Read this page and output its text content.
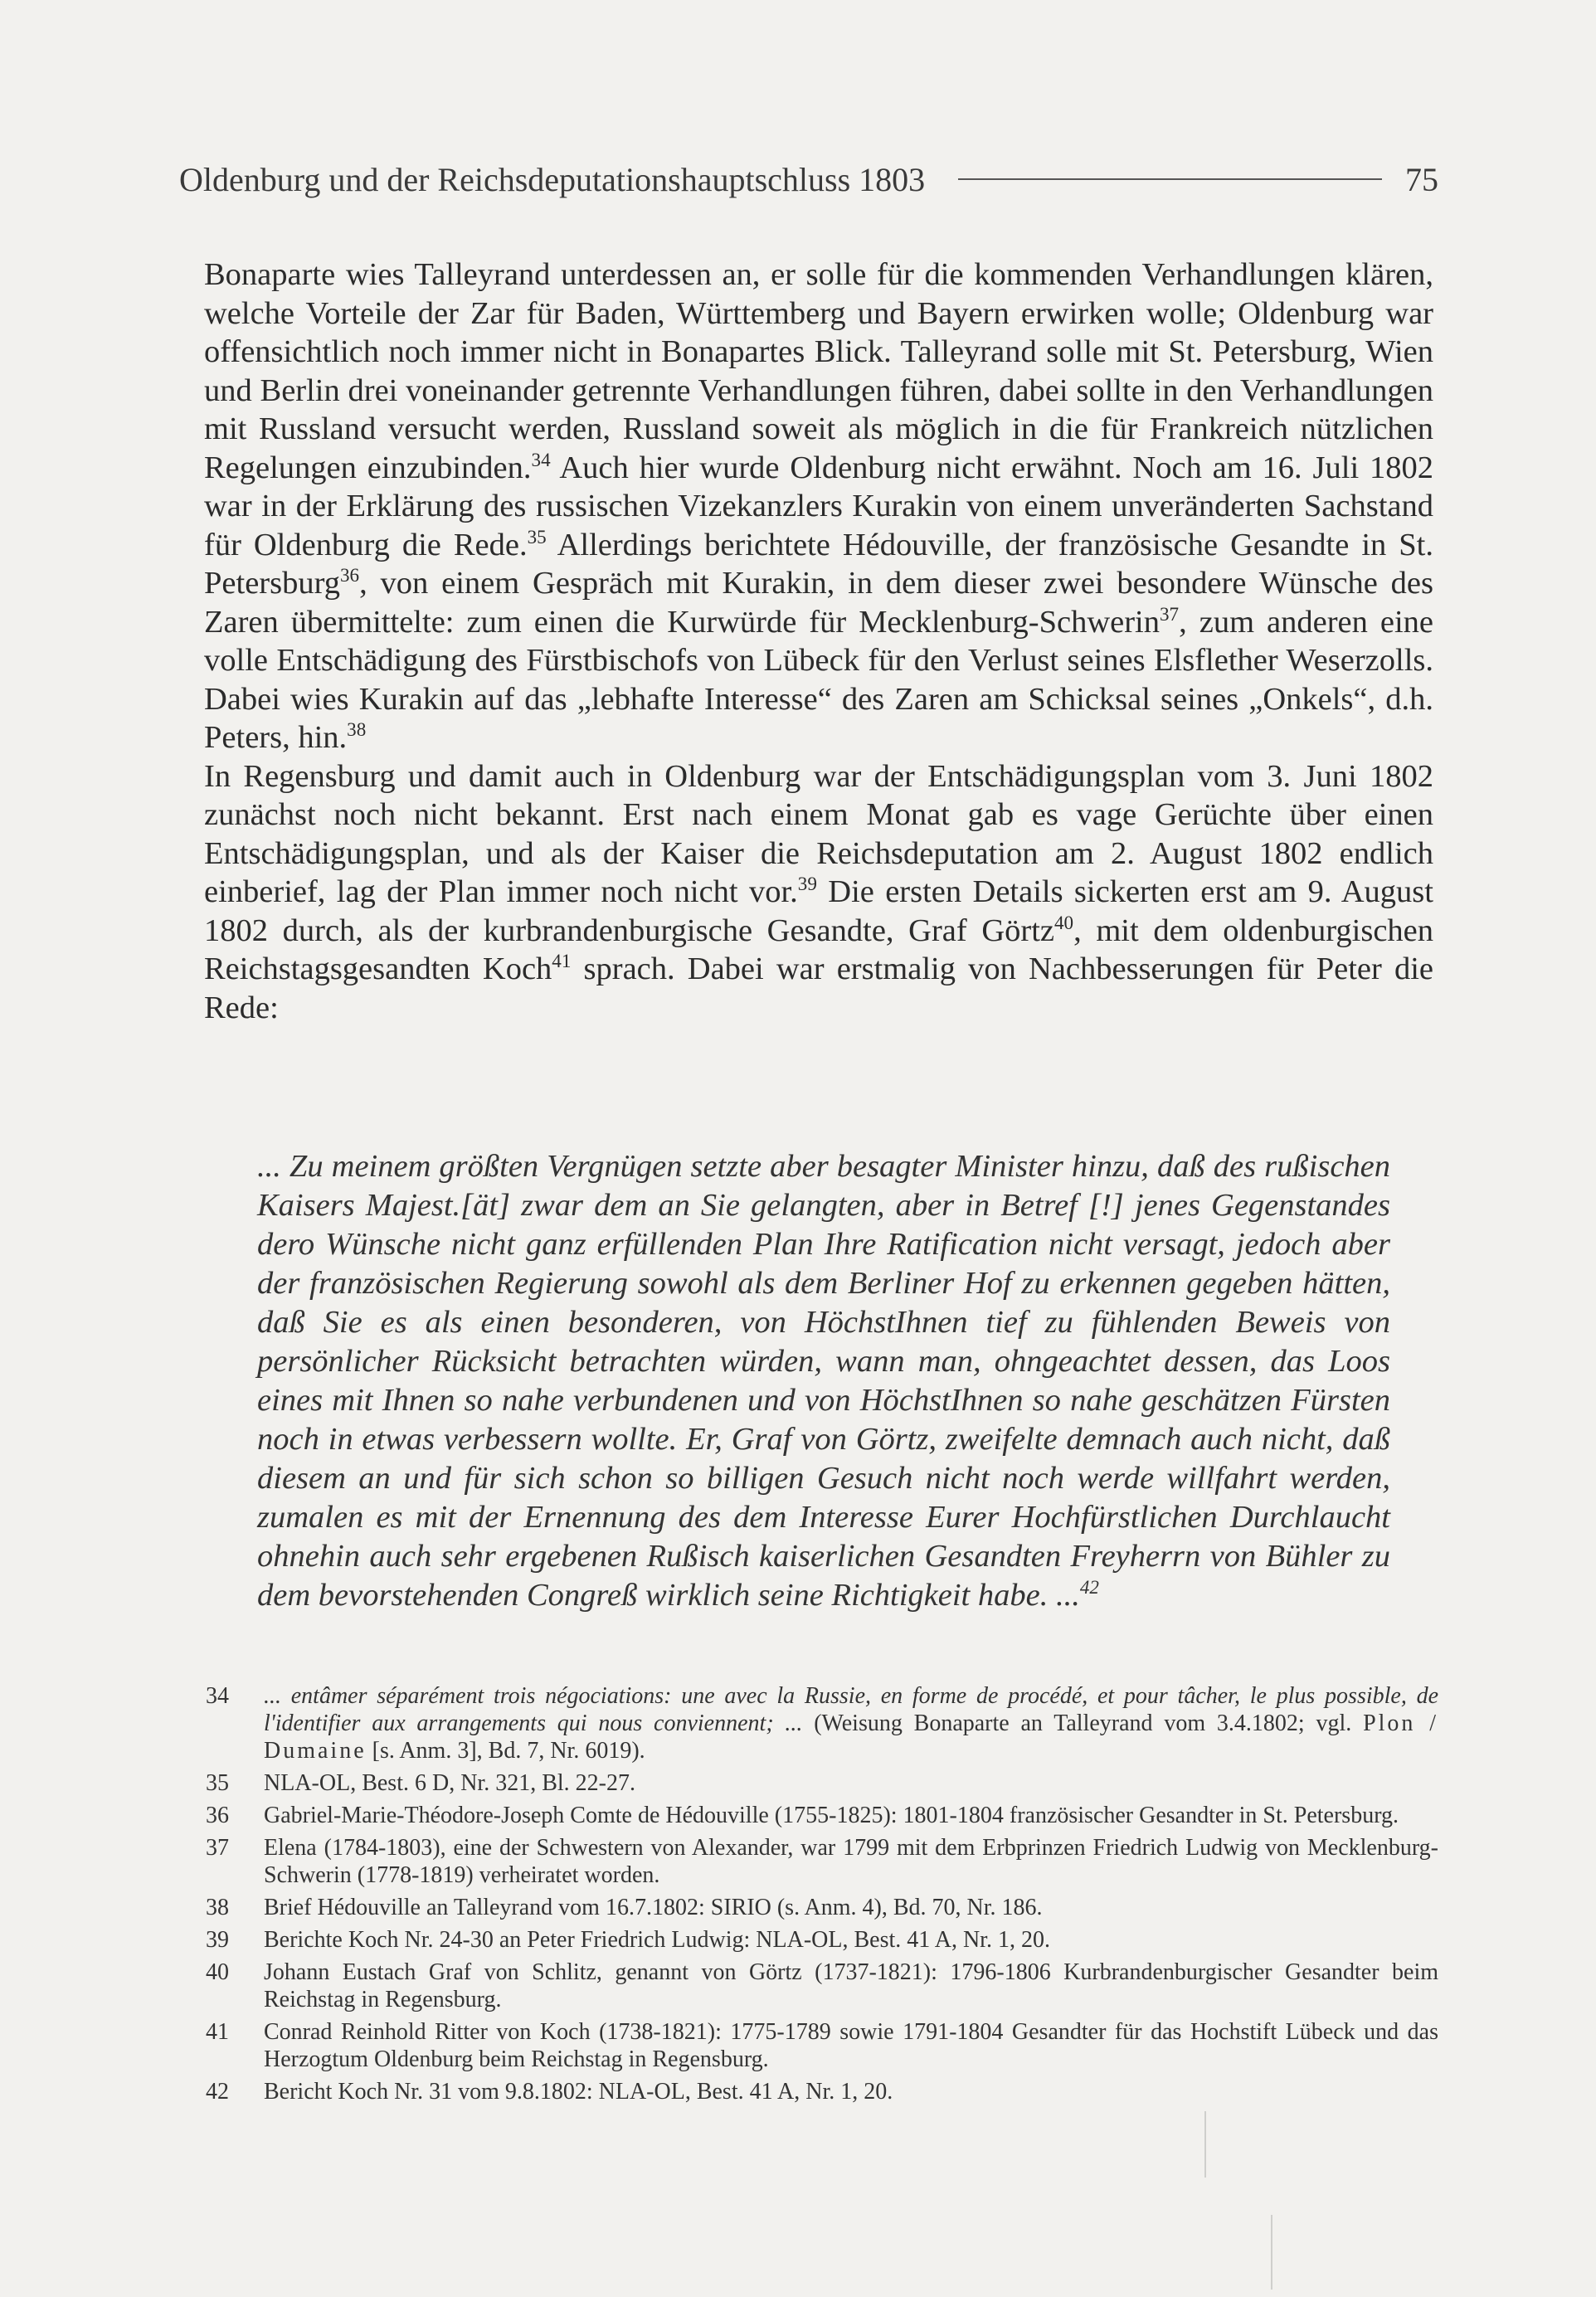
Oldenburg und der Reichsdeputationshauptschluss 1803	75

Bonaparte wies Talleyrand unterdessen an, er solle für die kommenden Verhandlungen klären, welche Vorteile der Zar für Baden, Württemberg und Bayern erwirken wolle; Oldenburg war offensichtlich noch immer nicht in Bonapartes Blick. Talleyrand solle mit St. Petersburg, Wien und Berlin drei voneinander getrennte Verhandlungen führen, dabei sollte in den Verhandlungen mit Russland versucht werden, Russland soweit als möglich in die für Frankreich nützlichen Regelungen einzubinden.$^{34}$ Auch hier wurde Oldenburg nicht erwähnt. Noch am 16. Juli 1802 war in der Erklärung des russischen Vizekanzlers Kurakin von einem unveränderten Sachstand für Oldenburg die Rede.$^{35}$ Allerdings berichtete Hédouville, der französische Gesandte in St. Petersburg$^{36}$, von einem Gespräch mit Kurakin, in dem dieser zwei besondere Wünsche des Zaren übermittelte: zum einen die Kurwürde für Mecklenburg-Schwerin$^{37}$, zum anderen eine volle Entschädigung des Fürstbischofs von Lübeck für den Verlust seines Elsflether Weserzolls. Dabei wies Kurakin auf das „lebhafte Interesse“ des Zaren am Schicksal seines „Onkels“, d.h. Peters, hin.$^{38}$

In Regensburg und damit auch in Oldenburg war der Entschädigungsplan vom 3. Juni 1802 zunächst noch nicht bekannt. Erst nach einem Monat gab es vage Gerüchte über einen Entschädigungsplan, und als der Kaiser die Reichsdeputation am 2. August 1802 endlich einberief, lag der Plan immer noch nicht vor.$^{39}$ Die ersten Details sickerten erst am 9. August 1802 durch, als der kurbrandenburgische Gesandte, Graf Görtz$^{40}$, mit dem oldenburgischen Reichstagsgesandten Koch$^{41}$ sprach. Dabei war erstmalig von Nachbesserungen für Peter die Rede:

... Zu meinem größten Vergnügen setzte aber besagter Minister hinzu, daß des rußischen Kaisers Majest.[ät] zwar dem an Sie gelangten, aber in Betref [!] jenes Gegenstandes dero Wünsche nicht ganz erfüllenden Plan Ihre Ratification nicht versagt, jedoch aber der französischen Regierung sowohl als dem Berliner Hof zu erkennen gegeben hätten, daß Sie es als einen besonderen, von HöchstIhnen tief zu fühlenden Beweis von persönlicher Rücksicht betrachten würden, wann man, ohngeachtet dessen, das Loos eines mit Ihnen so nahe verbundenen und von HöchstIhnen so nahe geschätzen Fürsten noch in etwas verbessern wollte. Er, Graf von Görtz, zweifelte demnach auch nicht, daß diesem an und für sich schon so billigen Gesuch nicht noch werde willfahrt werden, zumalen es mit der Ernennung des dem Interesse Eurer Hochfürstlichen Durchlaucht ohnehin auch sehr ergebenen Rußisch kaiserlichen Gesandten Freyherrn von Bühler zu dem bevorstehenden Congreß wirklich seine Richtigkeit habe. ...$^{42}$

34	... entâmer séparément trois négociations: une avec la Russie, en forme de procédé, et pour tâcher, le plus possible, de l'identifier aux arrangements qui nous conviennent; ... (Weisung Bonaparte an Talleyrand vom 3.4.1802; vgl. Plon / Dumaine [s. Anm. 3], Bd. 7, Nr. 6019).
35	NLA-OL, Best. 6 D, Nr. 321, Bl. 22-27.
36	Gabriel-Marie-Théodore-Joseph Comte de Hédouville (1755-1825): 1801-1804 französischer Gesandter in St. Petersburg.
37	Elena (1784-1803), eine der Schwestern von Alexander, war 1799 mit dem Erbprinzen Friedrich Ludwig von Mecklenburg-Schwerin (1778-1819) verheiratet worden.
38	Brief Hédouville an Talleyrand vom 16.7.1802: SIRIO (s. Anm. 4), Bd. 70, Nr. 186.
39	Berichte Koch Nr. 24-30 an Peter Friedrich Ludwig: NLA-OL, Best. 41 A, Nr. 1, 20.
40	Johann Eustach Graf von Schlitz, genannt von Görtz (1737-1821): 1796-1806 Kurbrandenburgischer Gesandter beim Reichstag in Regensburg.
41	Conrad Reinhold Ritter von Koch (1738-1821): 1775-1789 sowie 1791-1804 Gesandter für das Hochstift Lübeck und das Herzogtum Oldenburg beim Reichstag in Regensburg.
42	Bericht Koch Nr. 31 vom 9.8.1802: NLA-OL, Best. 41 A, Nr. 1, 20.
